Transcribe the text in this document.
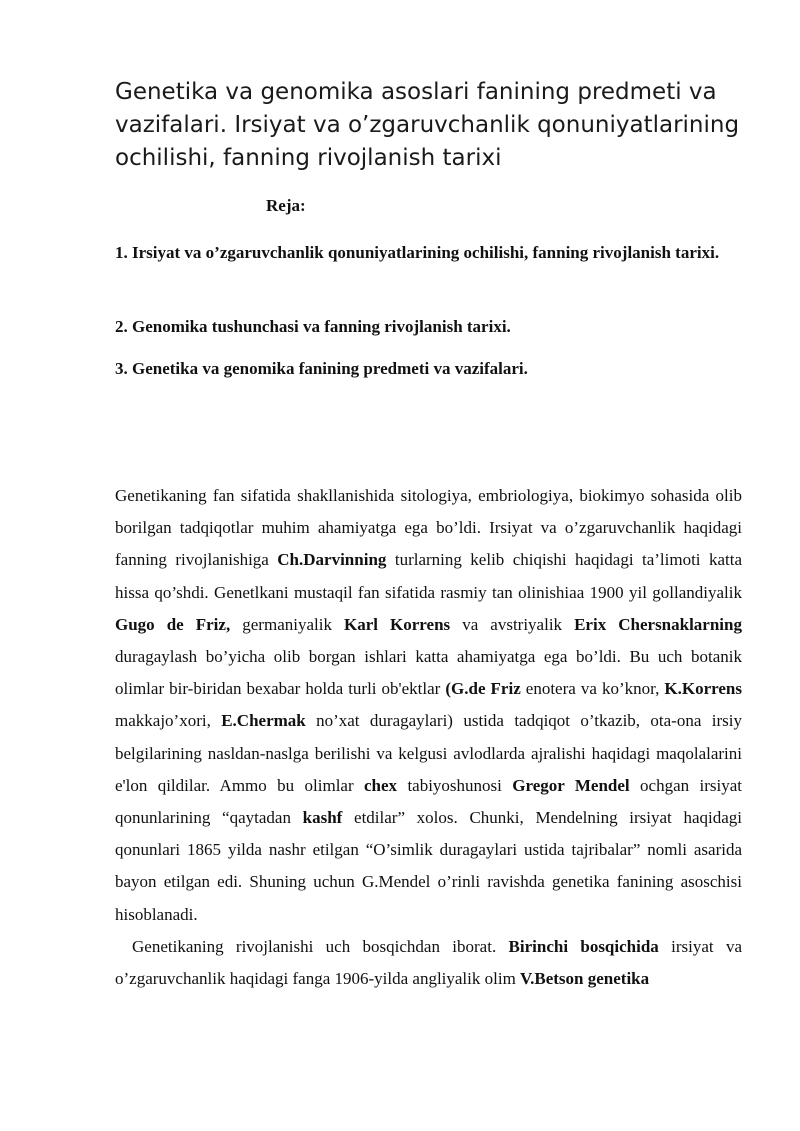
Genetika va genomika asoslari fanining predmeti va vazifalari. Irsiyat va o’zgaruvchanlik qonuniyatlarining ochilishi, fanning rivojlanish tarixi
Reja:

1. Irsiyat va o’zgaruvchanlik qonuniyatlarining ochilishi, fanning rivojlanish tarixi.

2. Genomika tushunchasi va fanning rivojlanish tarixi.

3. Genetika va genomika fanining predmeti va vazifalari.

Genetikaning fan sifatida shakllanishida sitologiya, embriologiya, biokimyo sohasida olib borilgan tadqiqotlar muhim ahamiyatga ega bo’ldi. Irsiyat va o’zgaruvchanlik haqidagi fanning rivojlanishiga Ch.Darvinning turlarning kelib chiqishi haqidagi ta’limoti katta hissa qo’shdi. Genetlkani mustaqil fan sifatida rasmiy tan olinishiaa 1900 yil gollandiyalik Gugo de Friz, germaniyalik Karl Korrens va avstriyalik Erix Chersnaklarning duragaylash bo’yicha olib borgan ishlari katta ahamiyatga ega bo’ldi. Bu uch botanik olimlar bir-biridan bexabar holda turli ob'ektlar (G.de Friz enotera va ko’knor, K.Korrens makkajo’xori, E.Chermak no’xat duragaylari) ustida tadqiqot o’tkazib, ota-ona irsiy belgilarining nasldan-naslga berilishi va kelgusi avlodlarda ajralishi haqidagi maqolalarini e'lon qildilar. Ammo bu olimlar chex tabiyoshunosi Gregor Mendel ochgan irsiyat qonunlarining “qaytadan kashf etdilar” xolos. Chunki, Mendelning irsiyat haqidagi qonunlari 1865 yilda nashr etilgan “O’simlik duragaylari ustida tajribalar” nomli asarida bayon etilgan edi. Shuning uchun G.Mendel o’rinli ravishda genetika fanining asoschisi hisoblanadi.

Genetikaning rivojlanishi uch bosqichdan iborat. Birinchi bosqichida irsiyat va o’zgaruvchanlik haqidagi fanga 1906-yilda angliyalik olim V.Betson genetika
